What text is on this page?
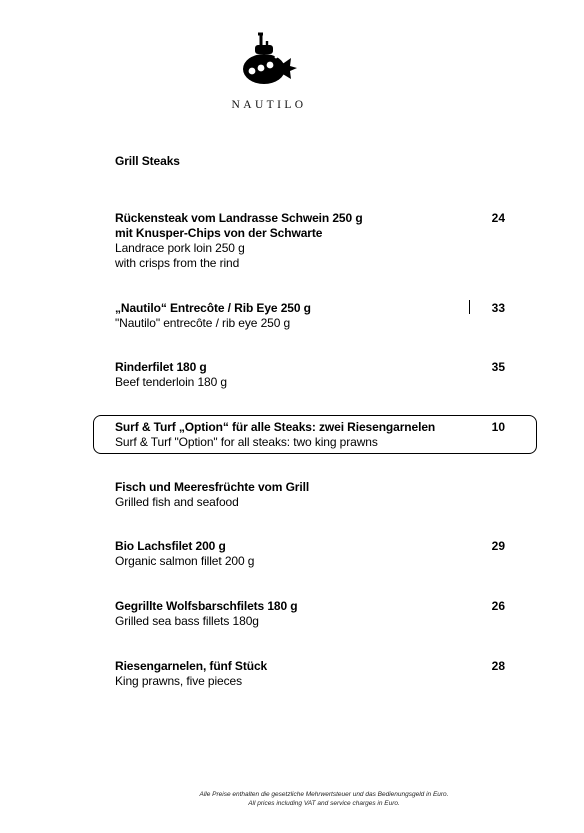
NAUTILO
Grill Steaks
Rückensteak vom Landrasse Schwein 250 g
mit Knusper-Chips von der Schwarte
Landrace pork loin 250 g
with crisps from the rind
24
„Nautilo“ Entrecôte / Rib Eye 250 g
"Nautilo" entrecôte / rib eye 250 g
33
Rinderfilet 180 g
Beef tenderloin 180 g
35
Surf & Turf „Option“ für alle Steaks: zwei Riesengarnelen
Surf & Turf "Option" for all steaks: two king prawns
10
Fisch und Meeresfrüchte vom Grill
Grilled fish and seafood
Bio Lachsfilet 200 g
Organic salmon fillet 200 g
29
Gegrillte Wolfsbarschfilets 180 g
Grilled sea bass fillets 180g
26
Riesengarnelen, fünf Stück
King prawns, five pieces
28
Alle Preise enthalten die gesetzliche Mehrwertsteuer und das Bedienungsgeld in Euro.
All prices including VAT and service charges in Euro.
